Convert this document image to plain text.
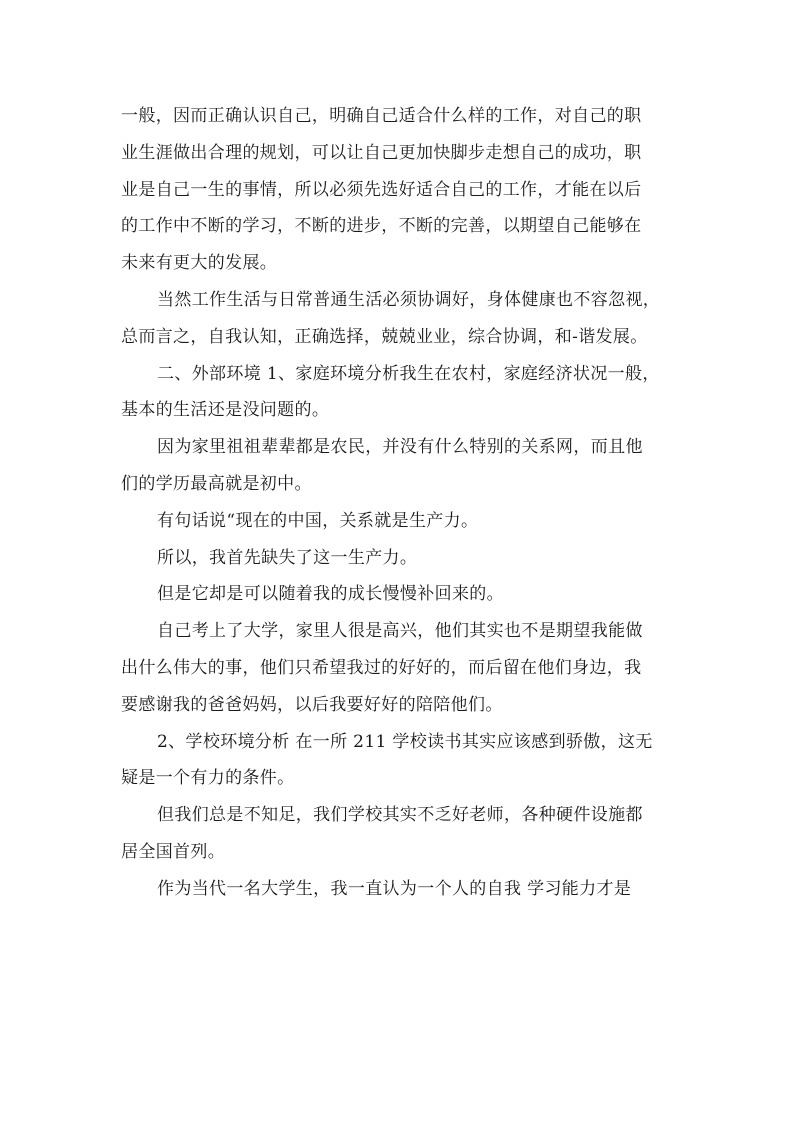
一般，因而正确认识自己，明确自己适合什么样的工作，对自己的职
业生涯做出合理的规划，可以让自己更加快脚步走想自己的成功，职
业是自己一生的事情，所以必须先选好适合自己的工作，才能在以后
的工作中不断的学习，不断的进步，不断的完善，以期望自己能够在
未来有更大的发展。
当然工作生活与日常普通生活必须协调好，身体健康也不容忽视，
总而言之，自我认知，正确选择，兢兢业业，综合协调，和-谐发展。
二、外部环境 1、家庭环境分析我生在农村，家庭经济状况一般，
基本的生活还是没问题的。
因为家里祖祖辈辈都是农民，并没有什么特别的关系网，而且他
们的学历最高就是初中。
有句话说“现在的中国，关系就是生产力。
所以，我首先缺失了这一生产力。
但是它却是可以随着我的成长慢慢补回来的。
自己考上了大学，家里人很是高兴，他们其实也不是期望我能做
出什么伟大的事，他们只希望我过的好好的，而后留在他们身边，我
要感谢我的爸爸妈妈，以后我要好好的陪陪他们。
2、学校环境分析 在一所 211 学校读书其实应该感到骄傲，这无
疑是一个有力的条件。
但我们总是不知足，我们学校其实不乏好老师，各种硬件设施都
居全国首列。
作为当代一名大学生，我一直认为一个人的自我 学习能力才是
